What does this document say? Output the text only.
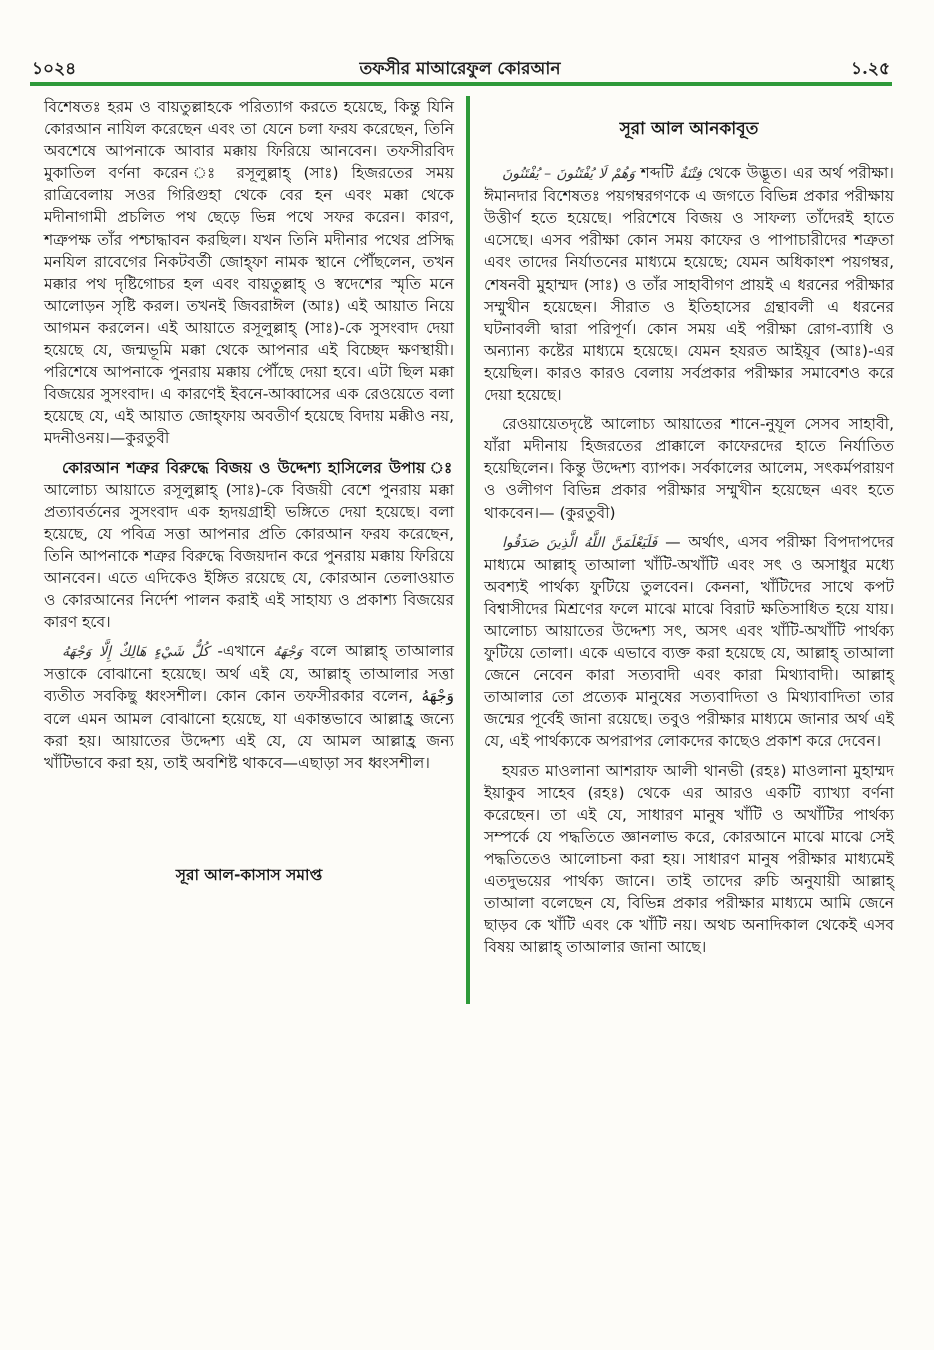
১০২৪	তফসীর মাআরেফুল কোরআন	১.২৫

বিশেষতঃ হরম ও বায়তুল্লাহকে পরিত্যাগ করতে হয়েছে, কিন্তু যিনি কোরআন নাযিল করেছেন এবং তা যেনে চলা ফরয করেছেন, তিনি অবশেষে আপনাকে আবার মক্কায় ফিরিয়ে আনবেন। তফসীরবিদ মুকাতিল বর্ণনা করেন ঃ রসূলুল্লাহ্ (সাঃ) হিজরতের সময় রাত্রিবেলায় সওর গিরিগুহা থেকে বের হন এবং মক্কা থেকে মদীনাগামী প্রচলিত পথ ছেড়ে ভিন্ন পথে সফর করেন। কারণ, শত্রুপক্ষ তাঁর পশ্চাদ্ধাবন করছিল। যখন তিনি মদীনার পথের প্রসিদ্ধ মনযিল রাবেগের নিকটবর্তী জোহ্ফা নামক স্থানে পৌঁছলেন, তখন মক্কার পথ দৃষ্টিগোচর হল এবং বায়তুল্লাহ্ ও স্বদেশের স্মৃতি মনে আলোড়ন সৃষ্টি করল। তখনই জিবরাঈল (আঃ) এই আয়াত নিয়ে আগমন করলেন। এই আয়াতে রসূলুল্লাহ্ (সাঃ)-কে সুসংবাদ দেয়া হয়েছে যে, জন্মভূমি মক্কা থেকে আপনার এই বিচ্ছেদ ক্ষণস্থায়ী। পরিশেষে আপনাকে পুনরায় মক্কায় পৌঁছে দেয়া হবে। এটা ছিল মক্কা বিজয়ের সুসংবাদ। এ কারণেই ইবনে-আব্বাসের এক রেওয়েতে বলা হয়েছে যে, এই আয়াত জোহ্ফায় অবতীর্ণ হয়েছে বিদায় মক্কীও নয়, মদনীওনয়।—কুরতুবী

কোরআন শত্রুর বিরুদ্ধে বিজয় ও উদ্দেশ্য হাসিলের উপায় ঃ আলোচ্য আয়াতে রসূলুল্লাহ্ (সাঃ)-কে বিজয়ী বেশে পুনরায় মক্কা প্রত্যাবর্তনের সুসংবাদ এক হৃদয়গ্রাহী ভঙ্গিতে দেয়া হয়েছে। বলা হয়েছে, যে পবিত্র সত্তা আপনার প্রতি কোরআন ফরয করেছেন, তিনি আপনাকে শত্রুর বিরুদ্ধে বিজয়দান করে পুনরায় মক্কায় ফিরিয়ে আনবেন। এতে এদিকেও ইঙ্গিত রয়েছে যে, কোরআন তেলাওয়াত ও কোরআনের নির্দেশ পালন করাই এই সাহায্য ও প্রকাশ্য বিজয়ের কারণ হবে।

كُلُّ شَيْءٍ هَالِكٌ إِلَّا وَجْهَهُ -এখানে وَجْهَهُ বলে আল্লাহ্ তাআলার সত্তাকে বোঝানো হয়েছে। অর্থ এই যে, আল্লাহ্ তাআলার সত্তা ব্যতীত সবকিছু ধ্বংসশীল। কোন কোন তফসীরকার বলেন, وَجْهَهُ বলে এমন আমল বোঝানো হয়েছে, যা একান্তভাবে আল্লাহ্র জন্যে করা হয়। আয়াতের উদ্দেশ্য এই যে, যে আমল আল্লাহ্র জন্য খাঁটিভাবে করা হয়, তাই অবশিষ্ট থাকবে—এছাড়া সব ধ্বংসশীল।

সূরা আল-কাসাস সমাপ্ত
সূরা আল আনকাবূত

وَهُمْ لَا يُفْتَنُونَ – يُفْتَنُونَ শব্দটি فِتْنَةٌ থেকে উদ্ভূত। এর অর্থ পরীক্ষা। ঈমানদার বিশেষতঃ পয়গম্বরগণকে এ জগতে বিভিন্ন প্রকার পরীক্ষায় উত্তীর্ণ হতে হয়েছে। পরিশেষে বিজয় ও সাফল্য তাঁদেরই হাতে এসেছে। এসব পরীক্ষা কোন সময় কাফের ও পাপাচারীদের শত্রুতা এবং তাদের নির্যাতনের মাধ্যমে হয়েছে; যেমন অধিকাংশ পয়গম্বর, শেষনবী মুহাম্মদ (সাঃ) ও তাঁর সাহাবীগণ প্রায়ই এ ধরনের পরীক্ষার সম্মুখীন হয়েছেন। সীরাত ও ইতিহাসের গ্রন্থাবলী এ ধরনের ঘটনাবলী দ্বারা পরিপূর্ণ। কোন সময় এই পরীক্ষা রোগ-ব্যাধি ও অন্যান্য কষ্টের মাধ্যমে হয়েছে। যেমন হযরত আইয়ূব (আঃ)-এর হয়েছিল। কারও কারও বেলায় সর্বপ্রকার পরীক্ষার সমাবেশও করে দেয়া হয়েছে।

রেওয়ায়েতদৃষ্টে আলোচ্য আয়াতের শানে-নুযূল সেসব সাহাবী, যাঁরা মদীনায় হিজরতের প্রাক্কালে কাফেরদের হাতে নির্যাতিত হয়েছিলেন। কিন্তু উদ্দেশ্য ব্যাপক। সর্বকালের আলেম, সৎকর্মপরায়ণ ও ওলীগণ বিভিন্ন প্রকার পরীক্ষার সম্মুখীন হয়েছেন এবং হতে থাকবেন।— (কুরতুবী)

فَلَيَعْلَمَنَّ اللَّهُ الَّذِينَ صَدَقُوا — অর্থাৎ, এসব পরীক্ষা বিপদাপদের মাধ্যমে আল্লাহ্ তাআলা খাঁটি-অখাঁটি এবং সৎ ও অসাধুর মধ্যে অবশ্যই পার্থক্য ফুটিয়ে তুলবেন। কেননা, খাঁটিদের সাথে কপট বিশ্বাসীদের মিশ্রণের ফলে মাঝে মাঝে বিরাট ক্ষতিসাধিত হয়ে যায়। আলোচ্য আয়াতের উদ্দেশ্য সৎ, অসৎ এবং খাঁটি-অখাঁটি পার্থক্য ফুটিয়ে তোলা। একে এভাবে ব্যক্ত করা হয়েছে যে, আল্লাহ্ তাআলা জেনে নেবেন কারা সত্যবাদী এবং কারা মিথ্যাবাদী। আল্লাহ্ তাআলার তো প্রত্যেক মানুষের সত্যবাদিতা ও মিথ্যাবাদিতা তার জন্মের পূর্বেই জানা রয়েছে। তবুও পরীক্ষার মাধ্যমে জানার অর্থ এই যে, এই পার্থক্যকে অপরাপর লোকদের কাছেও প্রকাশ করে দেবেন।

হযরত মাওলানা আশরাফ আলী থানভী (রহঃ) মাওলানা মুহাম্মদ ইয়াকুব সাহেব (রহঃ) থেকে এর আরও একটি ব্যাখ্যা বর্ণনা করেছেন। তা এই যে, সাধারণ মানুষ খাঁটি ও অখাঁটির পার্থক্য সম্পর্কে যে পদ্ধতিতে জ্ঞানলাভ করে, কোরআনে মাঝে মাঝে সেই পদ্ধতিতেও আলোচনা করা হয়। সাধারণ মানুষ পরীক্ষার মাধ্যমেই এতদুভয়ের পার্থক্য জানে। তাই তাদের রুচি অনুযায়ী আল্লাহ্ তাআলা বলেছেন যে, বিভিন্ন প্রকার পরীক্ষার মাধ্যমে আমি জেনে ছাড়ব কে খাঁটি এবং কে খাঁটি নয়। অথচ অনাদিকাল থেকেই এসব বিষয় আল্লাহ্ তাআলার জানা আছে।
